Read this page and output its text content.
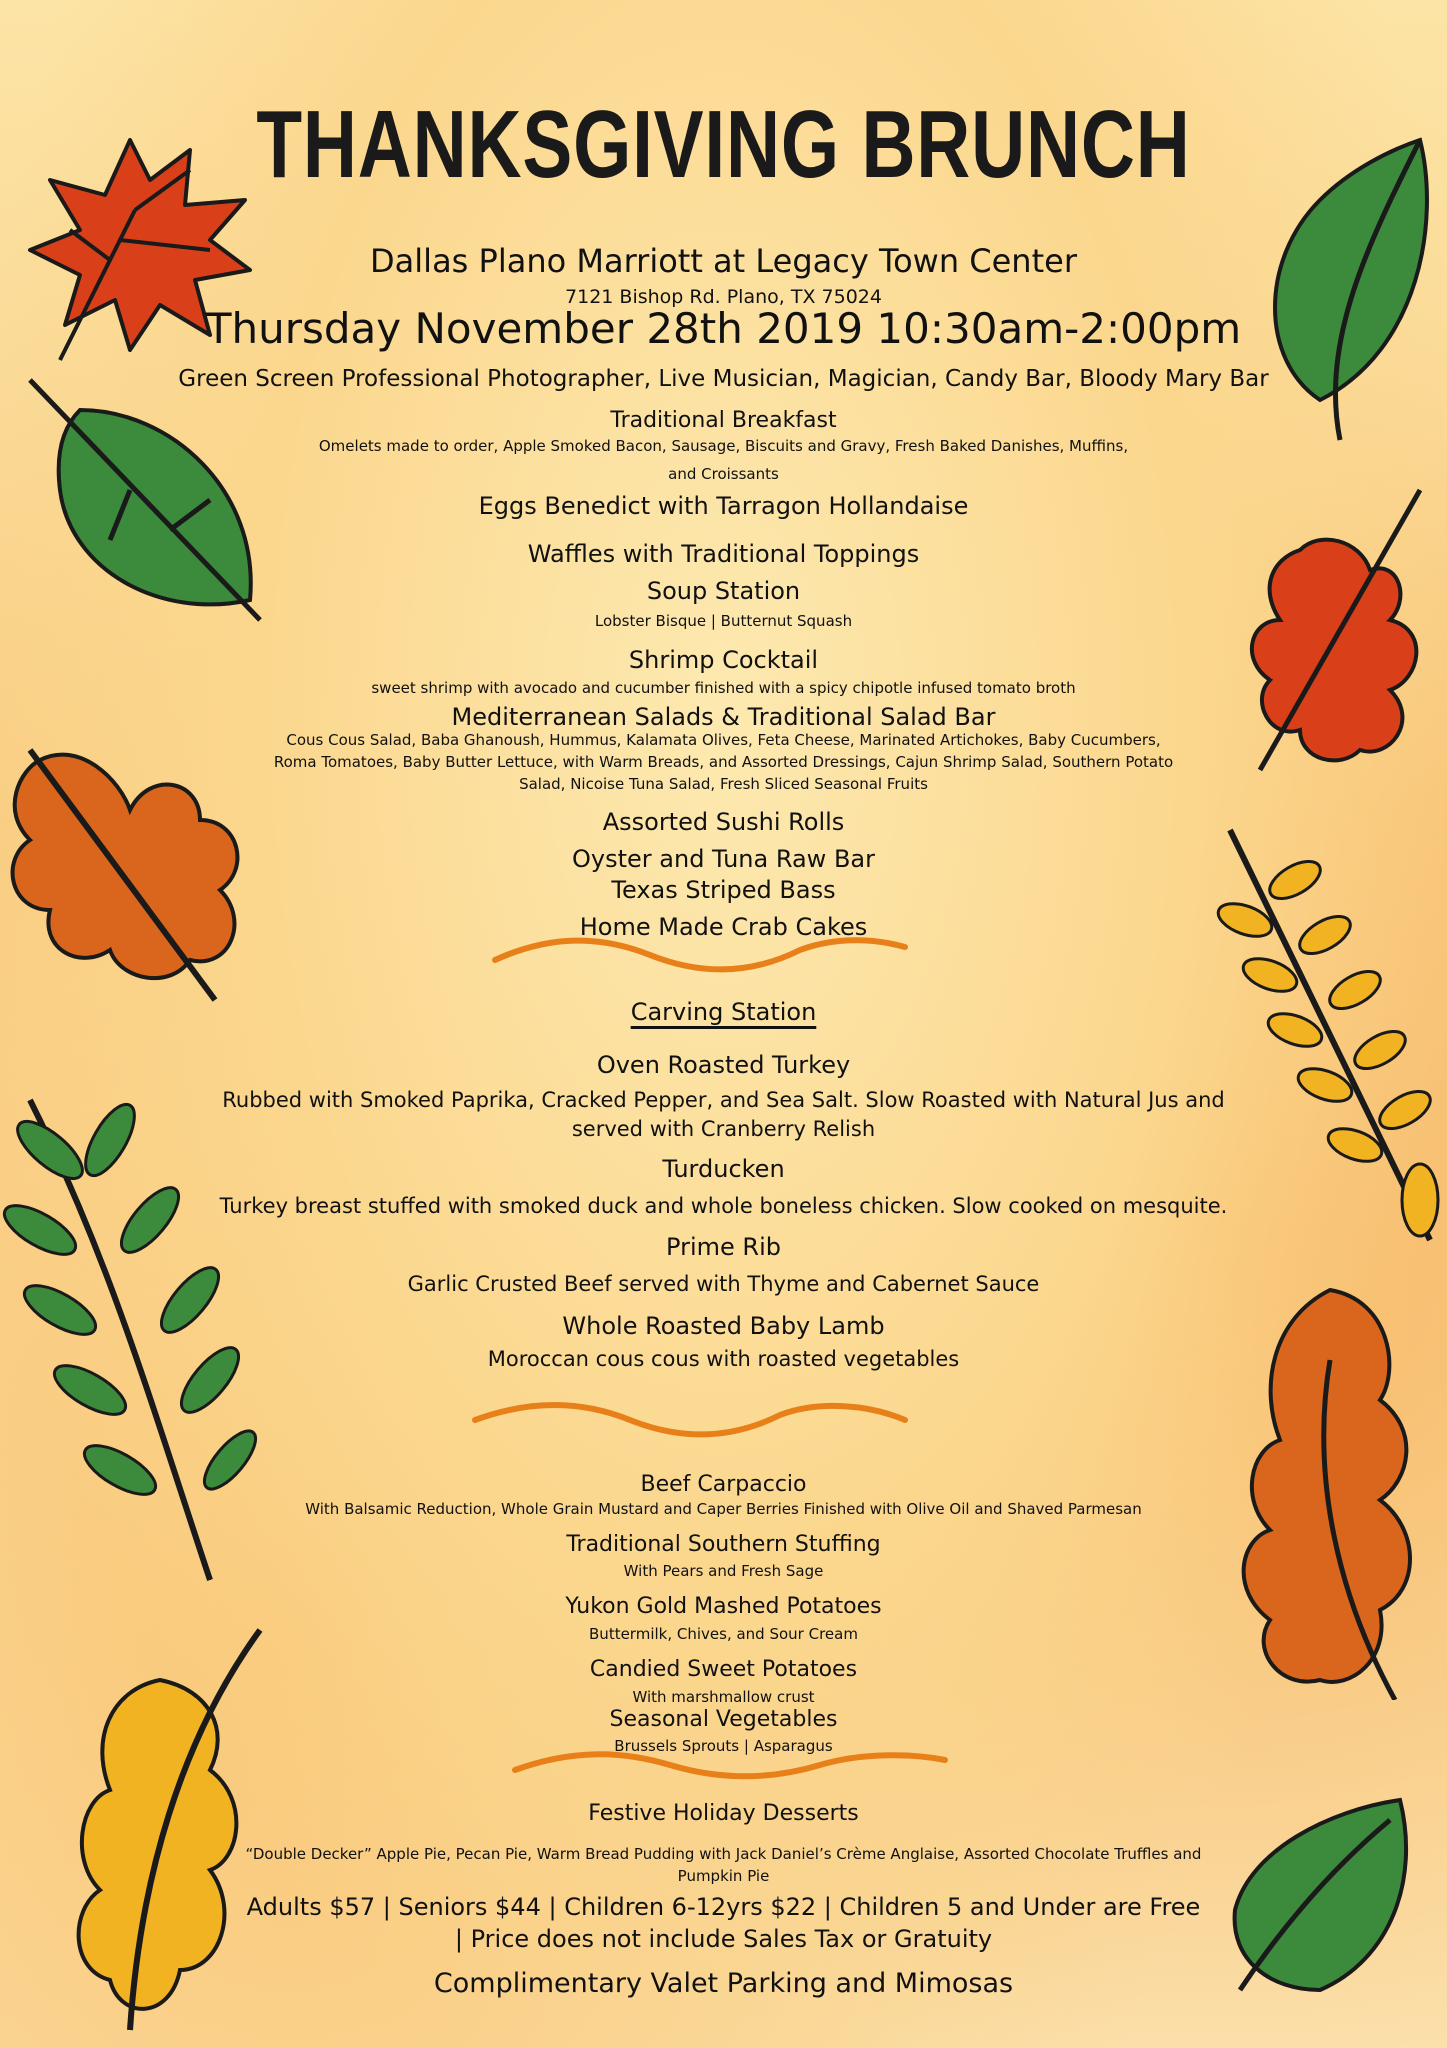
THANKSGIVING BRUNCH
Dallas Plano Marriott at Legacy Town Center
7121 Bishop Rd. Plano, TX 75024
Thursday November 28th 2019 10:30am-2:00pm
Green Screen Professional Photographer, Live Musician, Magician, Candy Bar, Bloody Mary Bar
Traditional Breakfast
Omelets made to order, Apple Smoked Bacon, Sausage, Biscuits and Gravy, Fresh Baked Danishes, Muffins,
and Croissants
Eggs Benedict with Tarragon Hollandaise
Waffles with Traditional Toppings
Soup Station
Lobster Bisque | Butternut Squash
Shrimp Cocktail
sweet shrimp with avocado and cucumber finished with a spicy chipotle infused tomato broth
Mediterranean Salads & Traditional Salad Bar
Cous Cous Salad, Baba Ghanoush, Hummus, Kalamata Olives, Feta Cheese, Marinated Artichokes, Baby Cucumbers,
Roma Tomatoes, Baby Butter Lettuce, with Warm Breads, and Assorted Dressings, Cajun Shrimp Salad, Southern Potato
Salad, Nicoise Tuna Salad, Fresh Sliced Seasonal Fruits
Assorted Sushi Rolls
Oyster and Tuna Raw Bar
Texas Striped Bass
Home Made Crab Cakes
Carving Station
Oven Roasted Turkey
Rubbed with Smoked Paprika, Cracked Pepper, and Sea Salt. Slow Roasted with Natural Jus and
served with Cranberry Relish
Turducken
Turkey breast stuffed with smoked duck and whole boneless chicken. Slow cooked on mesquite.
Prime Rib
Garlic Crusted Beef served with Thyme and Cabernet Sauce
Whole Roasted Baby Lamb
Moroccan cous cous with roasted vegetables
Beef Carpaccio
With Balsamic Reduction, Whole Grain Mustard and Caper Berries Finished with Olive Oil and Shaved Parmesan
Traditional Southern Stuffing
With Pears and Fresh Sage
Yukon Gold Mashed Potatoes
Buttermilk, Chives, and Sour Cream
Candied Sweet Potatoes
With marshmallow crust
Seasonal Vegetables
Brussels Sprouts | Asparagus
Festive Holiday Desserts
“Double Decker” Apple Pie, Pecan Pie, Warm Bread Pudding with Jack Daniel’s Crème Anglaise, Assorted Chocolate Truffles and
Pumpkin Pie
Adults $57 | Seniors $44 | Children 6-12yrs $22 | Children 5 and Under are Free
| Price does not include Sales Tax or Gratuity
Complimentary Valet Parking and Mimosas
